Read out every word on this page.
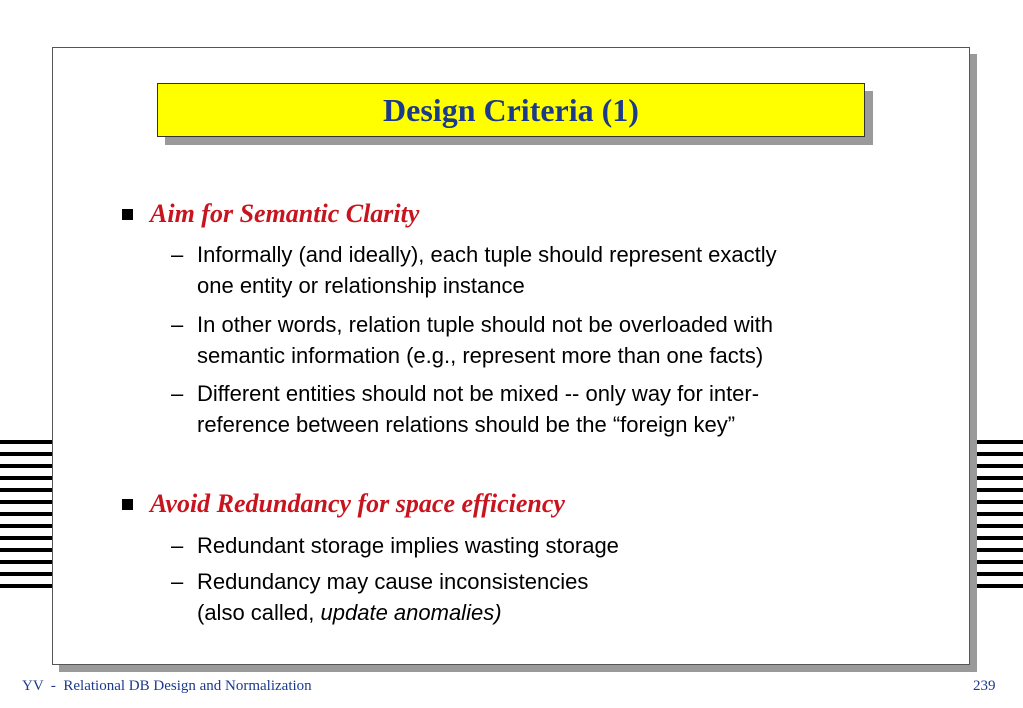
Design Criteria (1)
Aim for Semantic Clarity
– Informally (and ideally), each tuple should represent exactly
one entity or relationship instance
– In other words, relation tuple should not be overloaded with
semantic information (e.g., represent more than one facts)
– Different entities should not be mixed -- only way for inter-
reference between relations should be the “foreign key”
Avoid Redundancy for space efficiency
– Redundant storage implies wasting storage
– Redundancy may cause inconsistencies
(also called, update anomalies)
YV  -  Relational DB Design and Normalization	239
